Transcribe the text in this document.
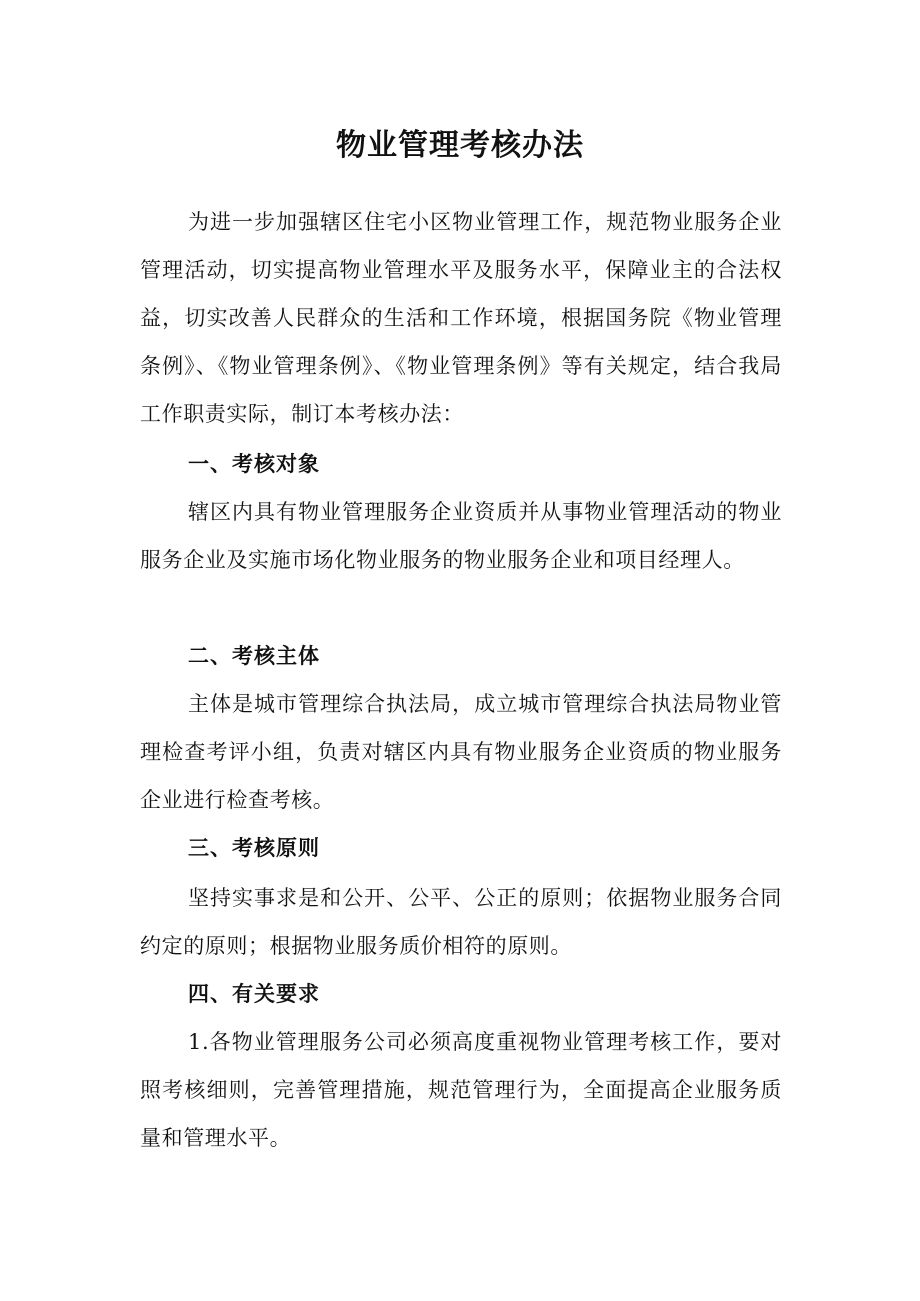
物业管理考核办法

为进一步加强辖区住宅小区物业管理工作，规范物业服务企业管理活动，切实提高物业管理水平及服务水平，保障业主的合法权益，切实改善人民群众的生活和工作环境，根据国务院《物业管理条例》、《物业管理条例》、《物业管理条例》等有关规定，结合我局工作职责实际，制订本考核办法：

一、考核对象

辖区内具有物业管理服务企业资质并从事物业管理活动的物业服务企业及实施市场化物业服务的物业服务企业和项目经理人。

二、考核主体

主体是城市管理综合执法局，成立城市管理综合执法局物业管理检查考评小组，负责对辖区内具有物业服务企业资质的物业服务企业进行检查考核。

三、考核原则

坚持实事求是和公开、公平、公正的原则；依据物业服务合同约定的原则；根据物业服务质价相符的原则。

四、有关要求

1.各物业管理服务公司必须高度重视物业管理考核工作，要对照考核细则，完善管理措施，规范管理行为，全面提高企业服务质量和管理水平。
